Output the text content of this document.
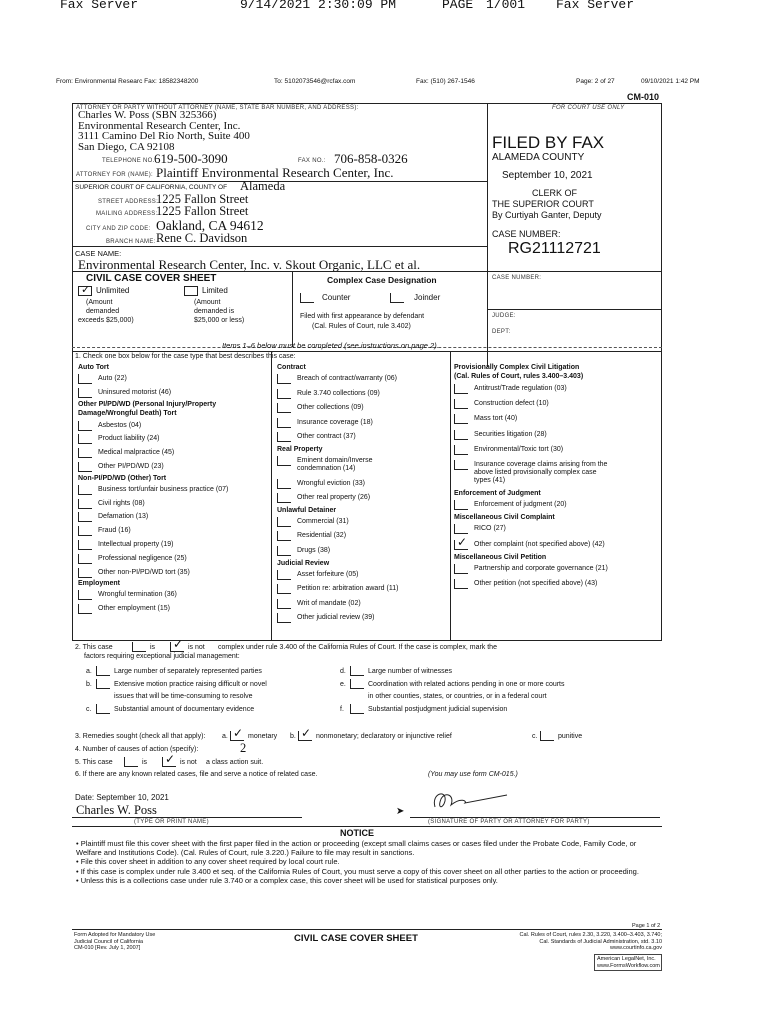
Fax Server	9/14/2021 2:30:09 PM	PAGE 1/001 Fax Server
From: Environmental Researc Fax: 18582348200	To: 5102073546@rcfax.com	Fax: (510) 267-1546	Page: 2 of 27	09/10/2021 1:42 PM
CM-010
ATTORNEY OR PARTY WITHOUT ATTORNEY (NAME, STATE BAR NUMBER, AND ADDRESS):
Charles W. Poss (SBN 325366)
Environmental Research Center, Inc.
3111 Camino Del Rio North, Suite 400
San Diego, CA 92108
TELEPHONE NO.:
619-500-3090	FAX NO.: 706-858-0326
ATTORNEY FOR (NAME): Plaintiff Environmental Research Center, Inc.
SUPERIOR COURT OF CALIFORNIA, COUNTY OF Alameda
STREET ADDRESS:
1225 Fallon Street
MAILING ADDRESS:
1225 Fallon Street
CITY AND ZIP CODE: Oakland, CA 94612
BRANCH NAME: Rene C. Davidson
CASE NAME:
Environmental Research Center, Inc. v. Skout Organic, LLC et al.
FOR COURT USE ONLY
FILED BY FAX
ALAMEDA COUNTY
September 10, 2021
CLERK OF
THE SUPERIOR COURT
By Curtiyah Ganter, Deputy
CASE NUMBER:
RG21112721
CIVIL CASE COVER SHEET
✓
Unlimited
(Amount
demanded
exceeds $25,000)
Limited
(Amount
demanded is
$25,000 or less)
Complex Case Designation
Counter	Joinder
Filed with first appearance by defendant
(Cal. Rules of Court, rule 3.402)
CASE NUMBER:
JUDGE:
DEPT:
Items 1–6 below must be completed (see instructions on page 2).
1. Check one box below for the case type that best describes this case:
Auto Tort
Auto (22)
Uninsured motorist (46)
Other PI/PD/WD (Personal Injury/Property
Damage/Wrongful Death) Tort
Asbestos (04)
Product liability (24)
Medical malpractice (45)
Other PI/PD/WD (23)
Non-PI/PD/WD (Other) Tort
Business tort/unfair business practice (07)
Civil rights (08)
Defamation (13)
Fraud (16)
Intellectual property (19)
Professional negligence (25)
Other non-PI/PD/WD tort (35)
Employment
Wrongful termination (36)
Other employment (15)
Contract
Breach of contract/warranty (06)
Rule 3.740 collections (09)
Other collections (09)
Insurance coverage (18)
Other contract (37)
Real Property
Eminent domain/Inverse
condemnation (14)
Wrongful eviction (33)
Other real property (26)
Unlawful Detainer
Commercial (31)
Residential (32)
Drugs (38)
Judicial Review
Asset forfeiture (05)
Petition re: arbitration award (11)
Writ of mandate (02)
Other judicial review (39)
Provisionally Complex Civil Litigation
(Cal. Rules of Court, rules 3.400–3.403)
Antitrust/Trade regulation (03)
Construction defect (10)
Mass tort (40)
Securities litigation (28)
Environmental/Toxic tort (30)
Insurance coverage claims arising from the
above listed provisionally complex case
types (41)
Enforcement of Judgment
Enforcement of judgment (20)
Miscellaneous Civil Complaint
RICO (27)
✓
Other complaint (not specified above) (42)
Miscellaneous Civil Petition
Partnership and corporate governance (21)
Other petition (not specified above) (43)
2. This case	is ✓	is not complex under rule 3.400 of the California Rules of Court. If the case is complex, mark the
factors requiring exceptional judicial management:
a.	Large number of separately represented parties
b.	Extensive motion practice raising difficult or novel
issues that will be time-consuming to resolve
c.	Substantial amount of documentary evidence
d.	Large number of witnesses
e.	Coordination with related actions pending in one or more courts
in other counties, states, or countries, or in a federal court
f.	Substantial postjudgment judicial supervision
3. Remedies sought (check all that apply): a. ✓	monetary b. ✓	nonmonetary; declaratory or injunctive relief	c.	punitive
4. Number of causes of action (specify):	2
5. This case	is ✓	is not a class action suit.
6. If there are any known related cases, file and serve a notice of related case.	(You may use form CM-015.)
Date: September 10, 2021
Charles W. Poss
(TYPE OR PRINT NAME)
➤
(SIGNATURE OF PARTY OR ATTORNEY FOR PARTY)
NOTICE
• Plaintiff must file this cover sheet with the first paper filed in the action or proceeding (except small claims cases or cases filed under the Probate Code, Family Code, or Welfare and Institutions Code). (Cal. Rules of Court, rule 3.220.) Failure to file may result in sanctions.
• File this cover sheet in addition to any cover sheet required by local court rule.
• If this case is complex under rule 3.400 et seq. of the California Rules of Court, you must serve a copy of this cover sheet on all other parties to the action or proceeding.
• Unless this is a collections case under rule 3.740 or a complex case, this cover sheet will be used for statistical purposes only.
Page 1 of 2
Form Adopted for Mandatory Use
Judicial Council of California
CM-010 [Rev. July 1, 2007]
CIVIL CASE COVER SHEET	Cal. Rules of Court, rules 2.30, 3.220, 3.400–3.403, 3.740;
Cal. Standards of Judicial Administration, std. 3.10
www.courtinfo.ca.gov
American LegalNet, Inc.
www.FormsWorkflow.com
